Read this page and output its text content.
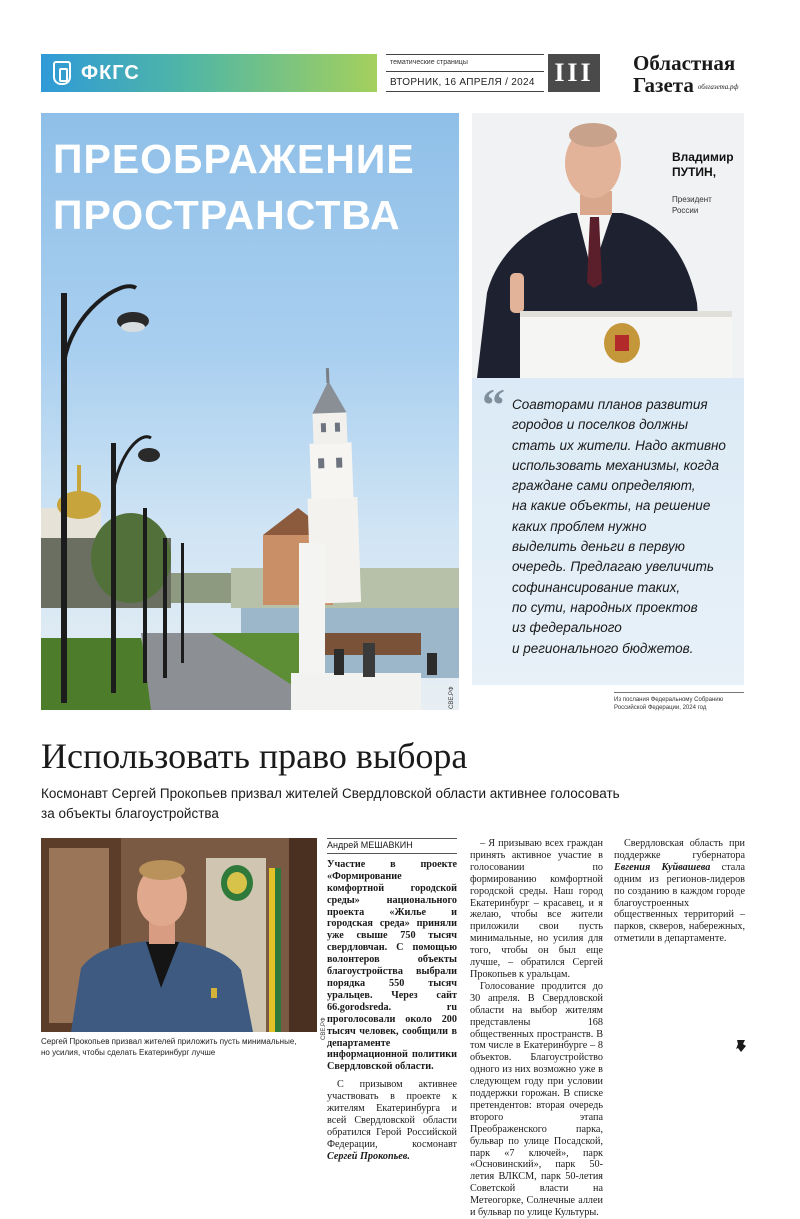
ФКГС	тематические страницы
ВТОРНИК, 16 АПРЕЛЯ / 2024 III	Областная
Газета облгазета.рф
ПРЕОБРАЖЕНИЕ
ПРОСТРАНСТВА
СВЕ.РФ
Владимир
ПУТИН,
Президент
России
“ Соавторами планов развития
городов и поселков должны
стать их жители. Надо активно
использовать механизмы, когда
граждане сами определяют,
на какие объекты, на решение
каких проблем нужно
выделить деньги в первую
очередь. Предлагаю увеличить
софинансирование таких,
по сути, народных проектов
из федерального
и регионального бюджетов.
Из послания Федеральному Собранию
Российской Федерации, 2024 год
Использовать право выбора
Космонавт Сергей Прокопьев призвал жителей Свердловской области активнее голосовать
за объекты благоустройства
СВЕ.РФ
Сергей Прокопьев призвал жителей приложить пусть минимальные,
но усилия, чтобы сделать Екатеринбург лучше
Андрей МЕШАВКИН

Участие в проекте «Формирование комфортной городской среды» национального проекта «Жилье и городская среда» приняли уже свыше 750 тысяч свердловчан. С помощью волонтеров объекты благоустройства выбрали порядка 550 тысяч уральцев. Через сайт 66.gorodsreda. ru проголосовали около 200 тысяч человек, сообщили в департаменте информационной политики Свердловской области.

С призывом активнее участвовать в проекте к жителям Екатеринбурга и всей Свердловской области обратился Герой Российской Федерации, космонавт Сергей Прокопьев.

– Я призываю всех граждан принять активное участие в голосовании по формированию комфортной городской среды. Наш город Екатеринбург – красавец, и я желаю, чтобы все жители приложили свои пусть минимальные, но усилия для того, чтобы он был еще лучше, – обратился Сергей Прокопьев к уральцам.

Голосование продлится до 30 апреля. В Свердловской области на выбор жителям представлены 168 общественных пространств. В том числе в Екатеринбурге – 8 объектов. Благоустройство одного из них возможно уже в следующем году при условии поддержки горожан. В списке претендентов: вторая очередь второго этапа Преображенского парка, бульвар по улице Посадской, парк «7 ключей», парк «Основинский», парк 50-летия ВЛКСМ, парк 50-летия Советской власти на Метеогорке, Солнечные аллеи и бульвар по улице Культуры.

Свердловская область при поддержке губернатора Евгения Куйвашева стала одним из регионов-лидеров по созданию в каждом городе благоустроенных общественных территорий – парков, скверов, набережных, отметили в департаменте.
